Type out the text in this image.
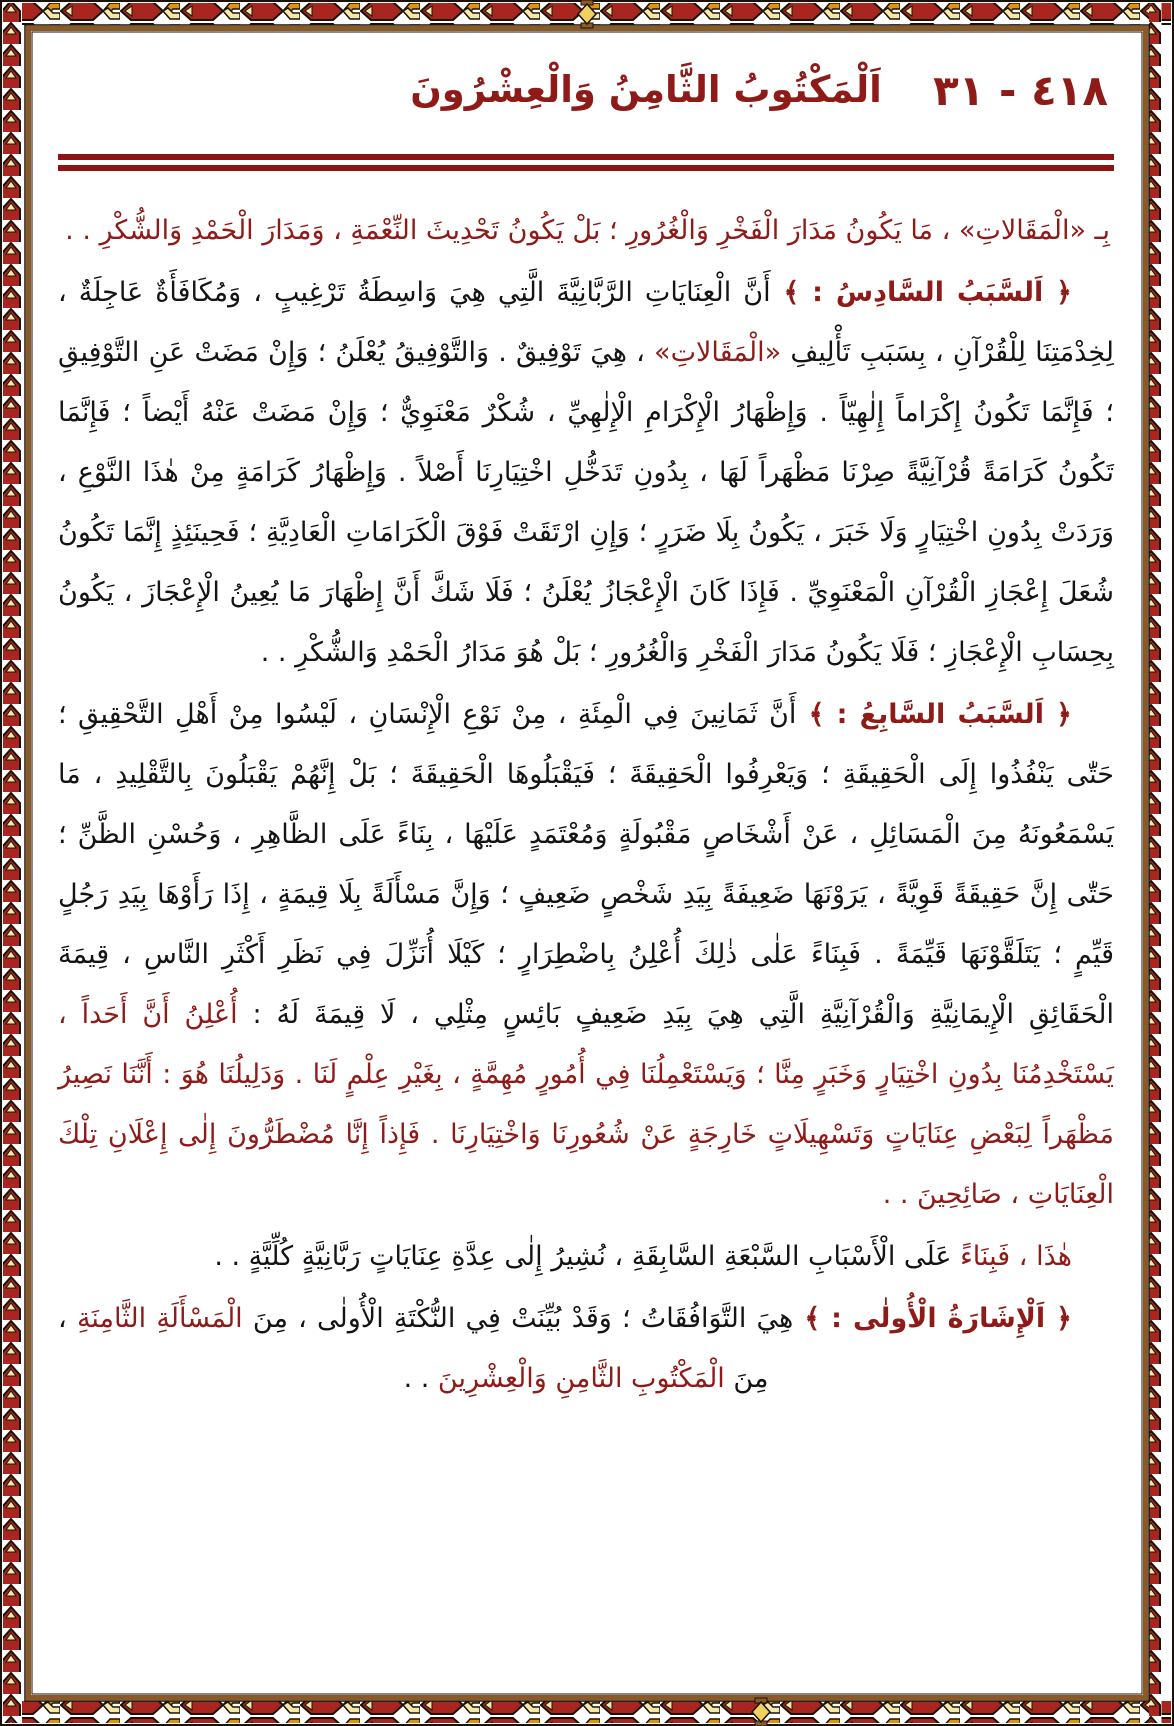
٤١٨ - ٣١
اَلْمَكْتُوبُ الثَّامِنُ وَالْعِشْرُونَ

بِـ «الْمَقَالاتِ» ، مَا يَكُونُ مَدَارَ الْفَخْرِ وَالْغُرُورِ ؛ بَلْ يَكُونُ تَحْدِيثَ النِّعْمَةِ ، وَمَدَارَ الْحَمْدِ وَالشُّكْرِ . .

﴿ اَلسَّبَبُ السَّادِسُ : ﴾ أَنَّ الْعِنَايَاتِ الرَّبَّانِيَّةَ الَّتِي هِيَ وَاسِطَةُ تَرْغِيبٍ ، وَمُكَافَأَةٌ عَاجِلَةٌ ، لِخِدْمَتِنَا لِلْقُرْآنِ ، بِسَبَبِ تَأْلِيفِ «الْمَقَالاتِ» ، هِيَ تَوْفِيقٌ . وَالتَّوْفِيقُ يُعْلَنُ ؛ وَإِنْ مَضَتْ عَنِ التَّوْفِيقِ ؛ فَإِنَّمَا تَكُونُ إِكْرَاماً إِلٰهِيّاً . وَإِظْهَارُ الْإِكْرَامِ الْإِلٰهِيِّ ، شُكْرٌ مَعْنَوِيٌّ ؛ وَإِنْ مَضَتْ عَنْهُ أَيْضاً ؛ فَإِنَّمَا تَكُونُ كَرَامَةً قُرْآنِيَّةً صِرْنَا مَظْهَراً لَهَا ، بِدُونِ تَدَخُّلِ اخْتِيَارِنَا أَصْلاً . وَإِظْهَارُ كَرَامَةٍ مِنْ هٰذَا النَّوْعِ ، وَرَدَتْ بِدُونِ اخْتِيَارٍ وَلَا خَبَرَ ، يَكُونُ بِلَا ضَرَرٍ ؛ وَإِنِ ارْتَقَتْ فَوْقَ الْكَرَامَاتِ الْعَادِيَّةِ ؛ فَحِينَئِذٍ إِنَّمَا تَكُونُ شُعَلَ إِعْجَازِ الْقُرْآنِ الْمَعْنَوِيِّ . فَإِذَا كَانَ الْإِعْجَازُ يُعْلَنُ ؛ فَلَا شَكَّ أَنَّ إِظْهَارَ مَا يُعِينُ الْإِعْجَازَ ، يَكُونُ بِحِسَابِ الْإِعْجَازِ ؛ فَلَا يَكُونُ مَدَارَ الْفَخْرِ وَالْغُرُورِ ؛ بَلْ هُوَ مَدَارُ الْحَمْدِ وَالشُّكْرِ . .

﴿ اَلسَّبَبُ السَّابِعُ : ﴾ أَنَّ ثَمَانِينَ فِي الْمِئَةِ ، مِنْ نَوْعِ الْإِنْسَانِ ، لَيْسُوا مِنْ أَهْلِ التَّحْقِيقِ ؛ حَتّٰى يَنْفُذُوا إِلَى الْحَقِيقَةِ ؛ وَيَعْرِفُوا الْحَقِيقَةَ ؛ فَيَقْبَلُوهَا الْحَقِيقَةَ ؛ بَلْ إِنَّهُمْ يَقْبَلُونَ بِالتَّقْلِيدِ ، مَا يَسْمَعُونَهُ مِنَ الْمَسَائِلِ ، عَنْ أَشْخَاصٍ مَقْبُولَةٍ وَمُعْتَمَدٍ عَلَيْهَا ، بِنَاءً عَلَى الظَّاهِرِ ، وَحُسْنِ الظَّنِّ ؛ حَتّٰى إِنَّ حَقِيقَةً قَوِيَّةً ، يَرَوْنَهَا ضَعِيفَةً بِيَدِ شَخْصٍ ضَعِيفٍ ؛ وَإِنَّ مَسْأَلَةً بِلَا قِيمَةٍ ، إِذَا رَأَوْهَا بِيَدِ رَجُلٍ قَيِّمٍ ؛ يَتَلَقَّوْنَهَا قَيِّمَةً . فَبِنَاءً عَلٰى ذٰلِكَ أُعْلِنُ بِاضْطِرَارٍ ؛ كَيْلَا أُنَزِّلَ فِي نَظَرِ أَكْثَرِ النَّاسِ ، قِيمَةَ الْحَقَائِقِ الْإِيمَانِيَّةِ وَالْقُرْآنِيَّةِ الَّتِي هِيَ بِيَدِ ضَعِيفٍ بَائِسٍ مِثْلِي ، لَا قِيمَةَ لَهُ : أُعْلِنُ أَنَّ أَحَداً ، يَسْتَخْدِمُنَا بِدُونِ اخْتِيَارٍ وَخَبَرٍ مِنَّا ؛ وَيَسْتَعْمِلُنَا فِي أُمُورٍ مُهِمَّةٍ ، بِغَيْرِ عِلْمٍ لَنَا . وَدَلِيلُنَا هُوَ : أَنَّنَا نَصِيرُ مَظْهَراً لِبَعْضِ عِنَايَاتٍ وَتَسْهِيلَاتٍ خَارِجَةٍ عَنْ شُعُورِنَا وَاخْتِيَارِنَا . فَإِذاً إِنَّا مُضْطَرُّونَ إِلٰى إِعْلَانِ تِلْكَ الْعِنَايَاتِ ، صَائِحِينَ . .

هٰذَا ، فَبِنَاءً عَلَى الْأَسْبَابِ السَّبْعَةِ السَّابِقَةِ ، نُشِيرُ إِلٰى عِدَّةِ عِنَايَاتٍ رَبَّانِيَّةٍ كُلِّيَّةٍ . .

﴿ اَلْإِشَارَةُ الْأُولٰى : ﴾ هِيَ التَّوَافُقَاتُ ؛ وَقَدْ بُيِّنَتْ فِي النُّكْتَةِ الْأُولٰى ، مِنَ الْمَسْأَلَةِ الثَّامِنَةِ ، مِنَ الْمَكْتُوبِ الثَّامِنِ وَالْعِشْرِينَ . .
